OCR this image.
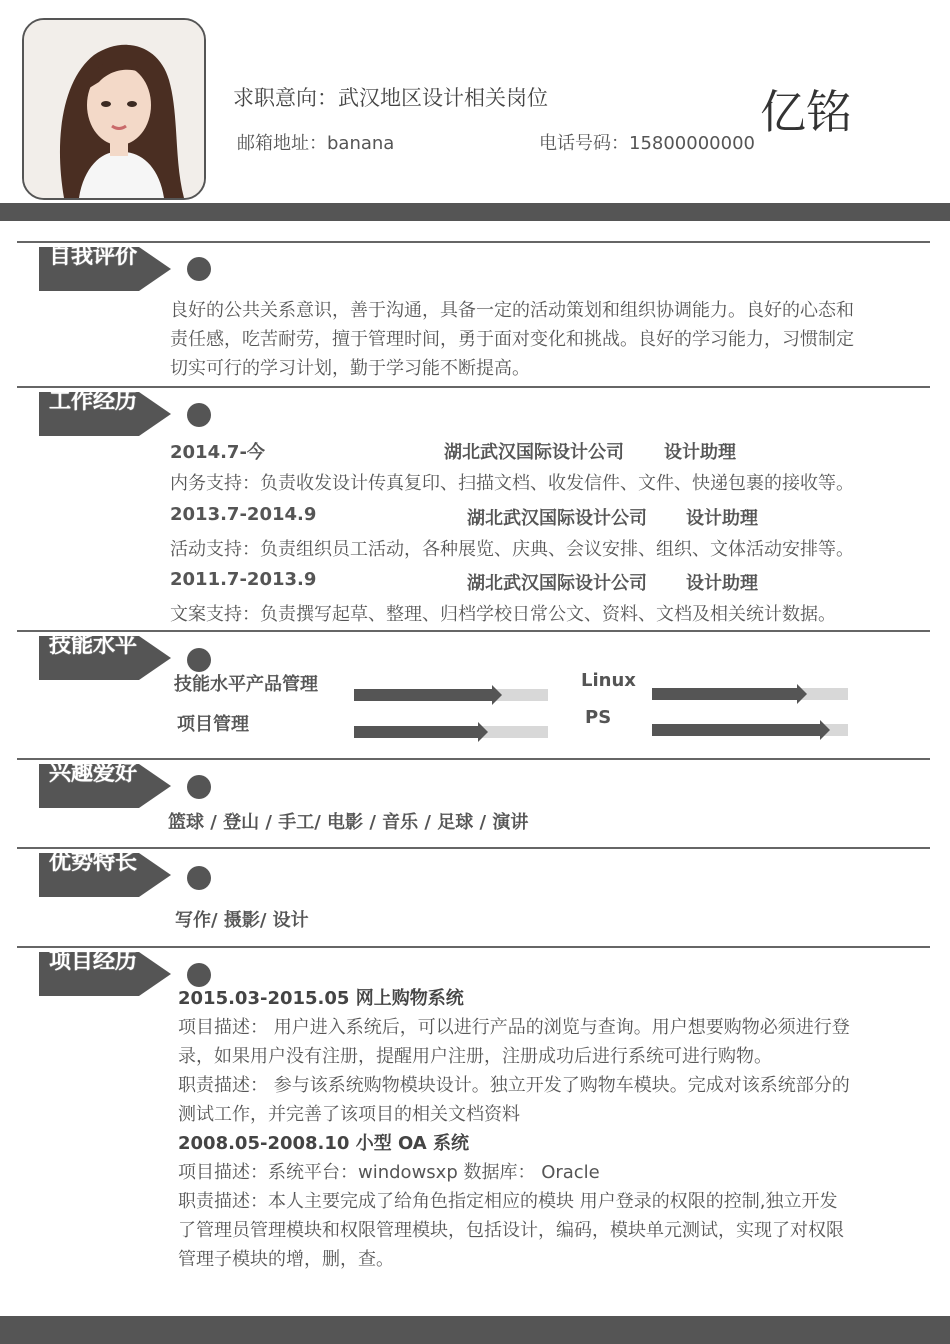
求职意向：武汉地区设计相关岗位
邮箱地址：banana	电话号码：15800000000
亿铭
自我评价
良好的公共关系意识，善于沟通，具备一定的活动策划和组织协调能力。良好的心态和
责任感，吃苦耐劳，擅于管理时间，勇于面对变化和挑战。良好的学习能力，习惯制定
切实可行的学习计划，勤于学习能不断提高。
工作经历
2014.7-今	湖北武汉国际设计公司 设计助理
内务支持：负责收发设计传真复印、扫描文档、收发信件、文件、快递包裹的接收等。
2013.7-2014.9	湖北武汉国际设计公司 设计助理
活动支持：负责组织员工活动，各种展览、庆典、会议安排、组织、文体活动安排等。
2011.7-2013.9	湖北武汉国际设计公司 设计助理
文案支持：负责撰写起草、整理、归档学校日常公文、资料、文档及相关统计数据。
技能水平
技能水平产品管理	Linux
项目管理	PS
兴趣爱好
篮球 / 登山 / 手工/ 电影 / 音乐 / 足球 / 演讲
优势特长
写作/ 摄影/ 设计
项目经历
2015.03-2015.05 网上购物系统
项目描述： 用户进入系统后，可以进行产品的浏览与查询。用户想要购物必须进行登
录，如果用户没有注册，提醒用户注册，注册成功后进行系统可进行购物。
职责描述： 参与该系统购物模块设计。独立开发了购物车模块。完成对该系统部分的
测试工作，并完善了该项目的相关文档资料
2008.05-2008.10 小型 OA 系统
项目描述：系统平台：windowsxp 数据库： Oracle
职责描述：本人主要完成了给角色指定相应的模块 用户登录的权限的控制,独立开发
了管理员管理模块和权限管理模块，包括设计，编码，模块单元测试，实现了对权限
管理子模块的增，删，查。
